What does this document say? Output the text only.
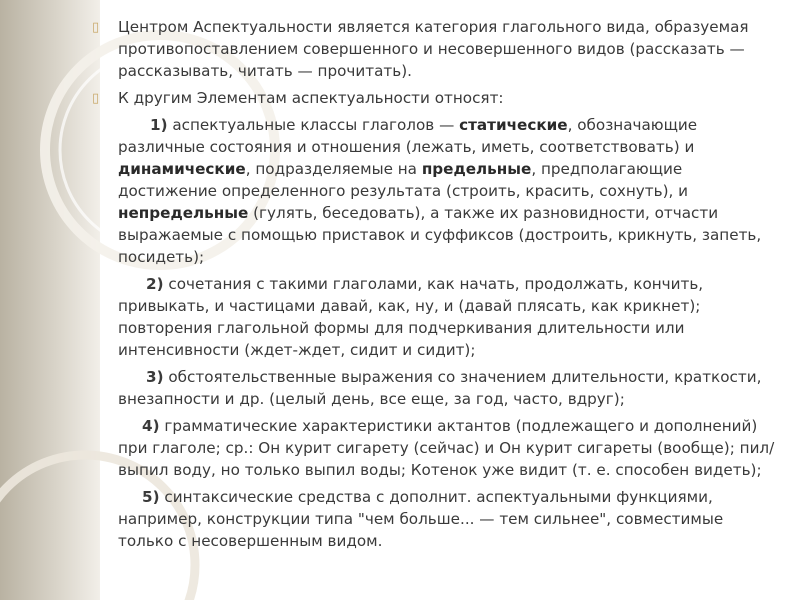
▯ Центром Аспектуальности является категория глагольного вида, образуемая противопоставлением совершенного и несовершенного видов (рассказать — рассказывать, читать — прочитать).
▯ К другим Элементам аспектуальности относят:
1) аспектуальные классы глаголов — статические, обозначающие различные состояния и отношения (лежать, иметь, соответствовать) и динамические, подразделяемые на предельные, предполагающие достижение определенного результата (строить, красить, сохнуть), и непредельные (гулять, беседовать), а также их разновидности, отчасти выражаемые с помощью приставок и суффиксов (достроить, крикнуть, запеть, посидеть);
2) сочетания с такими глаголами, как начать, продолжать, кончить, привыкать, и частицами давай, как, ну, и (давай плясать, как крикнет); повторения глагольной формы для подчеркивания длительности или интенсивности (ждет-ждет, сидит и сидит);
3) обстоятельственные выражения со значением длительности, краткости, внезапности и др. (целый день, все еще, за год, часто, вдруг);
4) грамматические характеристики актантов (подлежащего и дополнений) при глаголе; ср.: Он курит сигарету (сейчас) и Он курит сигареты (вообще); пил/выпил воду, но только выпил воды; Котенок уже видит (т. е. способен видеть);
5) синтаксические средства с дополнит. аспектуальными функциями, например, конструкции типа "чем больше... — тем сильнее", совместимые только с несовершенным видом.
